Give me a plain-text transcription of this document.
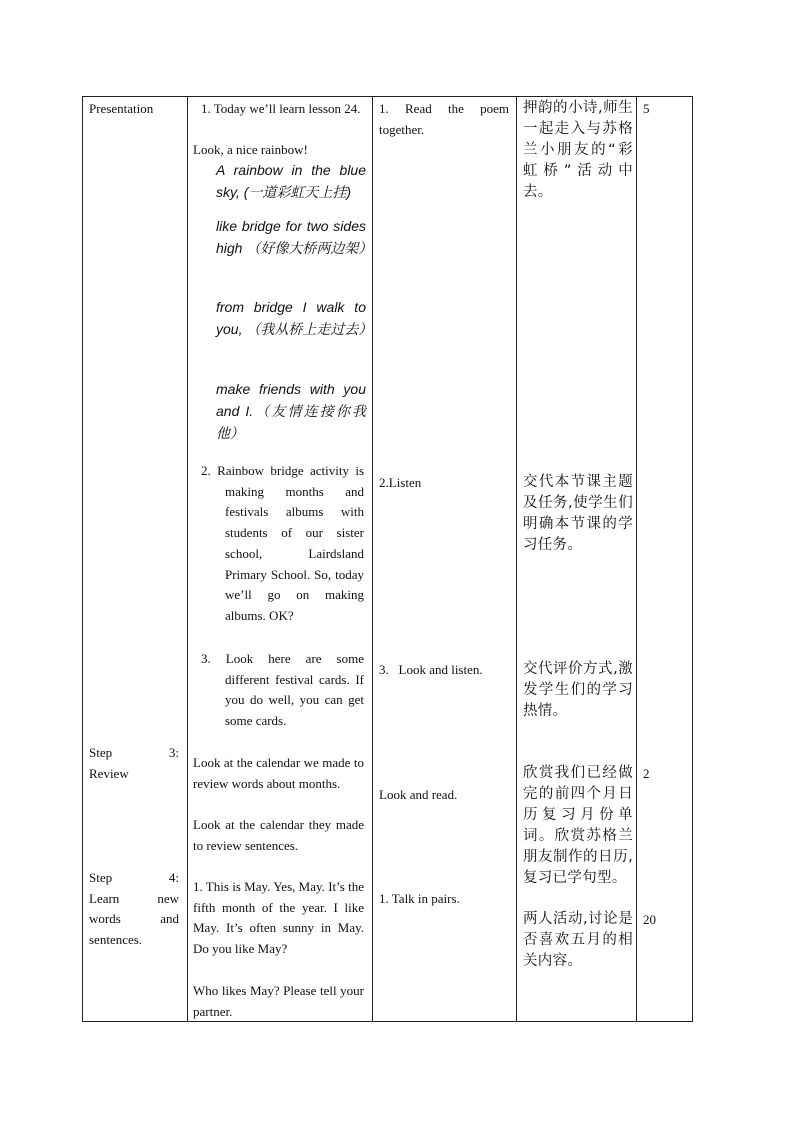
Presentation
Step 3:
Review
Step 4:
Learn new words and sentences.
1. Today we’ll learn lesson 24.
Look, a nice rainbow!
A rainbow in the blue sky, (一道彩虹天上挂)
like bridge for two sides high （好像大桥两边架）
from bridge I walk to you, （我从桥上走过去）
make friends with you and I.（友情连接你我他）
2. Rainbow bridge activity is making months and festivals albums with students of our sister school, Lairdsland Primary School. So, today we’ll go on making albums. OK?
3. Look here are some different festival cards. If you do well, you can get some cards.
Look at the calendar we made to review words about months.
Look at the calendar they made to review sentences.
1. This is May. Yes, May. It’s the fifth month of the year. I like May. It’s often sunny in May. Do you like May?
Who likes May? Please tell your partner.
1. Read the poem together.
2.Listen
3.   Look and listen.
Look and read.
1. Talk in pairs.
押韵的小诗,师生一起走入与苏格兰小朋友的“彩虹桥”活动中去。
交代本节课主题及任务,使学生们明确本节课的学习任务。
交代评价方式,激发学生们的学习热情。
欣赏我们已经做完的前四个月日历复习月份单词。欣赏苏格兰朋友制作的日历,复习已学句型。
两人活动,讨论是否喜欢五月的相关内容。
5
2
20
